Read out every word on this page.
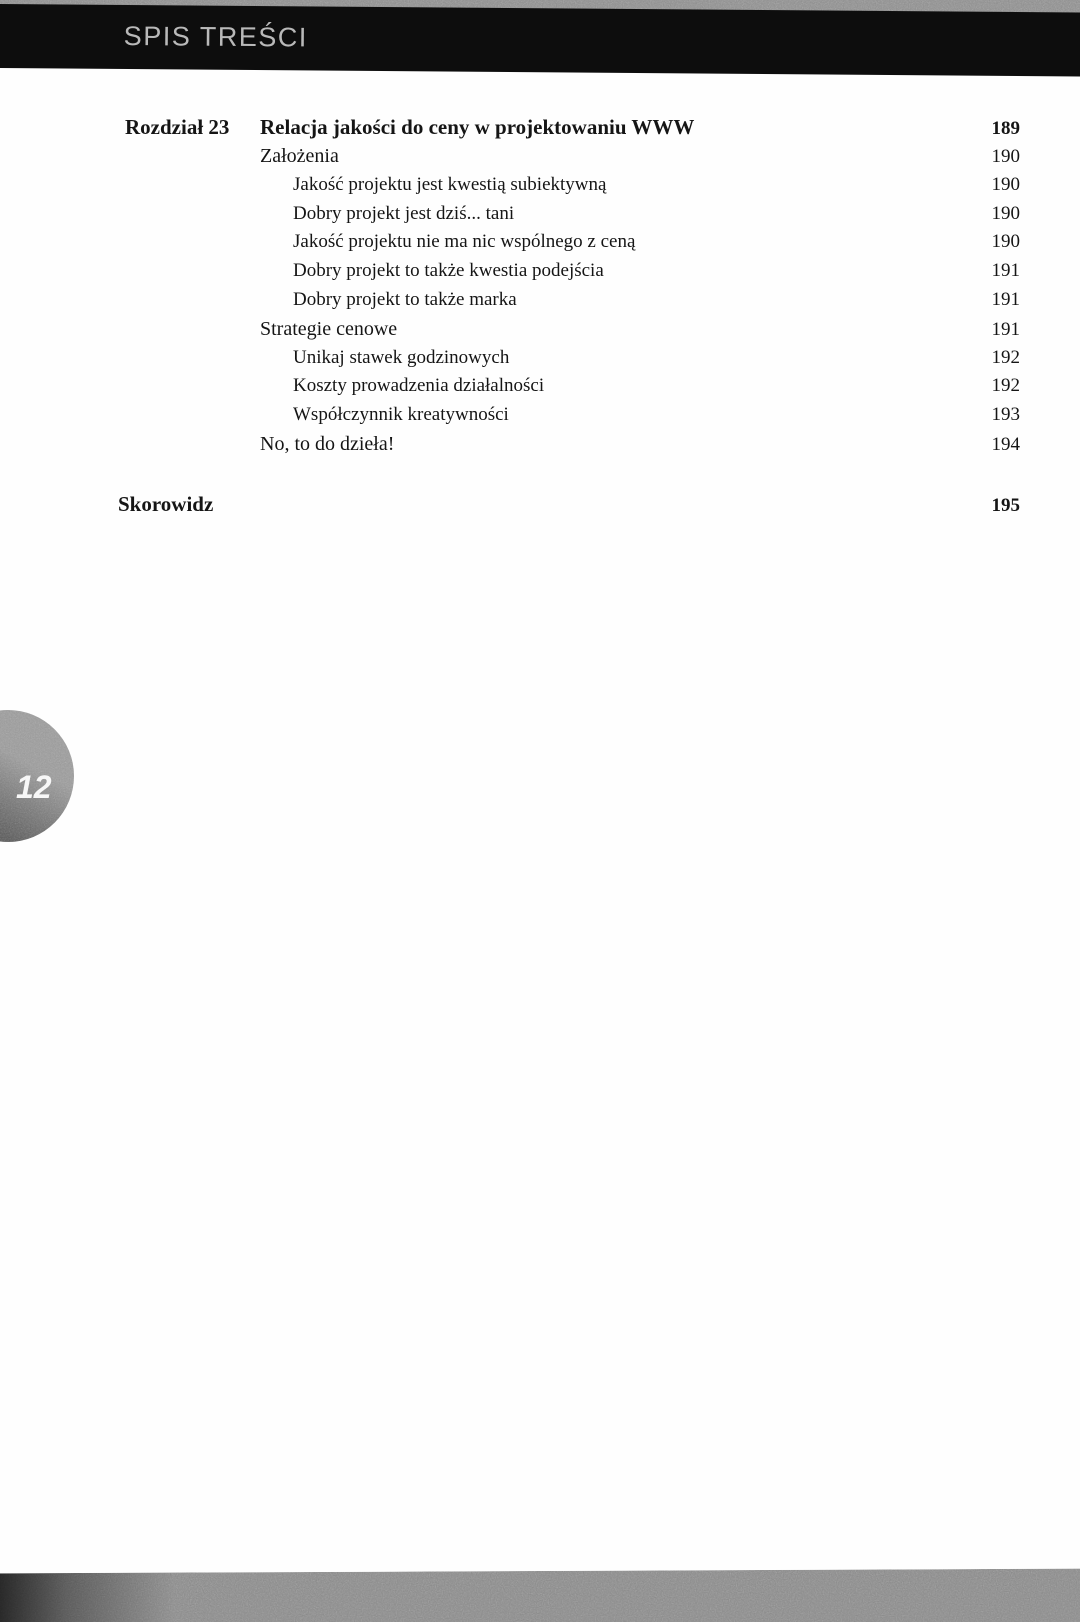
SPIS TREŚCI
Rozdział 23	Relacja jakości do ceny w projektowaniu WWW	189
Założenia	190
Jakość projektu jest kwestią subiektywną	190
Dobry projekt jest dziś... tani	190
Jakość projektu nie ma nic wspólnego z ceną	190
Dobry projekt to także kwestia podejścia	191
Dobry projekt to także marka	191
Strategie cenowe	191
Unikaj stawek godzinowych	192
Koszty prowadzenia działalności	192
Współczynnik kreatywności	193
No, to do dzieła!	194
Skorowidz	195
12
